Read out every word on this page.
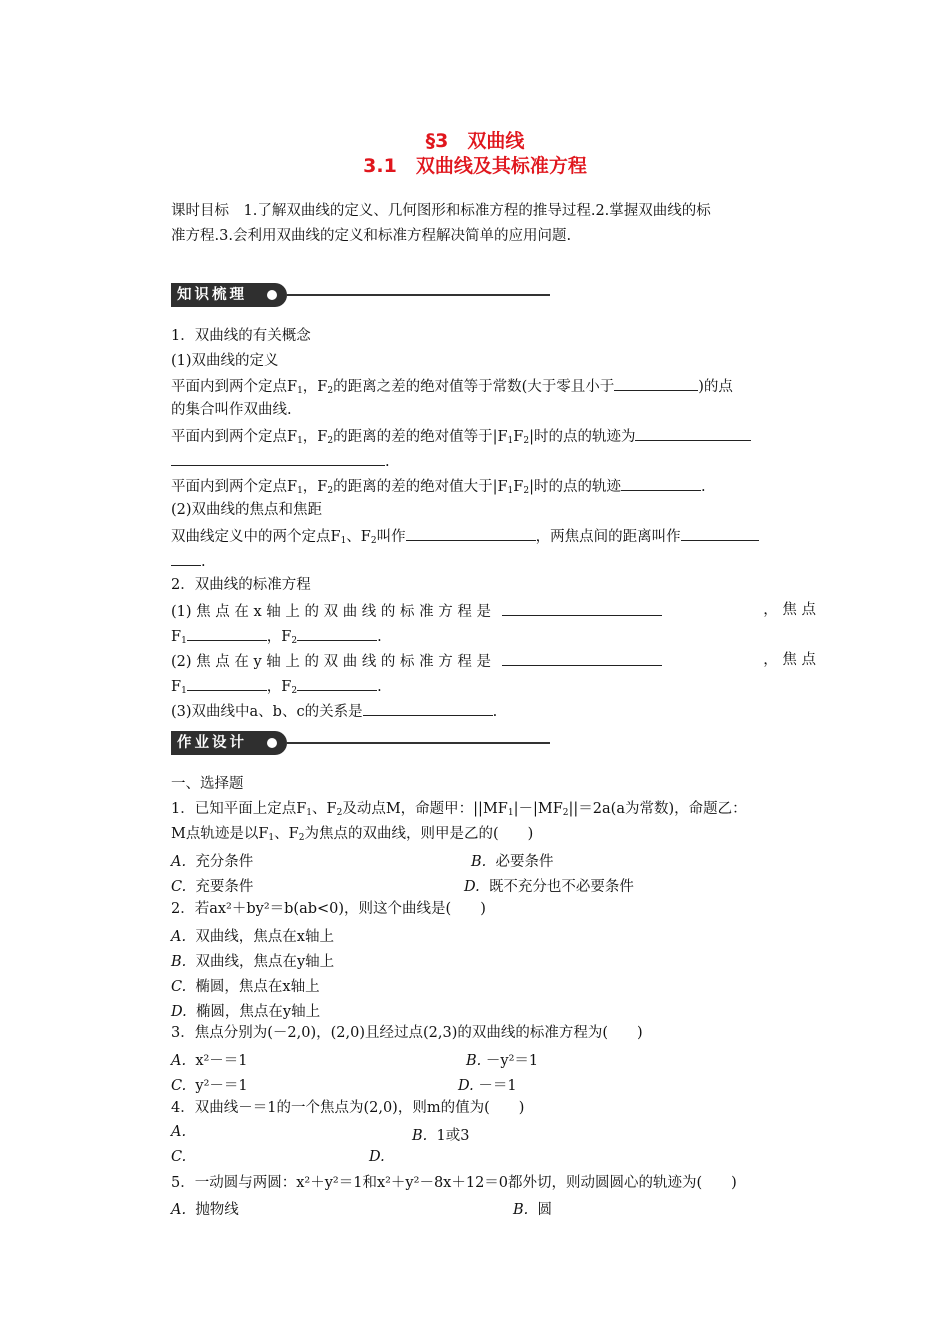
§3　双曲线
3.1　双曲线及其标准方程
课时目标　1.了解双曲线的定义、几何图形和标准方程的推导过程.2.掌握双曲线的标
准方程.3.会利用双曲线的定义和标准方程解决简单的应用问题.
知识梳理
1．双曲线的有关概念
(1)双曲线的定义
平面内到两个定点$F_1$，$F_2$的距离之差的绝对值等于常数(大于零且小于	)的点
的集合叫作双曲线.
平面内到两个定点$F_1$，$F_2$的距离的差的绝对值等于$|F_1F_2|$时的点的轨迹为
.
平面内到两个定点$F_1$，$F_2$的距离的差的绝对值大于$|F_1F_2|$时的点的轨迹	.
(2)双曲线的焦点和焦距
双曲线定义中的两个定点$F_1$、$F_2$叫作	，两焦点间的距离叫作
.
2．双曲线的标准方程
(1) 焦 点 在 x 轴 上 的 双 曲 线 的 标 准 方 程 是	， 焦 点
$F_1$	，$F_2$	.
(2) 焦 点 在 y 轴 上 的 双 曲 线 的 标 准 方 程 是	， 焦 点
$F_1$	，$F_2$	.
(3)双曲线中a、b、c的关系是	.
作业设计
一、选择题
1．已知平面上定点$F_1$、$F_2$及动点M，命题甲：$||MF_1|-|MF_2||=2a(a$为常数)，命题乙：
M点轨迹是以$F_1$、$F_2$为焦点的双曲线，则甲是乙的(　　)
A. 充分条件	B. 必要条件
C. 充要条件	D. 既不充分也不必要条件
2．若ax²＋by²＝b(ab<0)，则这个曲线是(　　)
A. 双曲线，焦点在x轴上
B. 双曲线，焦点在y轴上
C. 椭圆，焦点在x轴上
D. 椭圆，焦点在y轴上
3．焦点分别为(－2,0)，(2,0)且经过点(2,3)的双曲线的标准方程为(　　)
A. x²－＝1	B. －y²＝1
C. y²－＝1	D. －＝1
4．双曲线－＝1的一个焦点为(2,0)，则m的值为(　　)
A.	B. 1或3
C.	D.
5．一动圆与两圆：x²＋y²＝1和x²＋y²－8x＋12＝0都外切，则动圆圆心的轨迹为(　　)
A. 抛物线	B. 圆
